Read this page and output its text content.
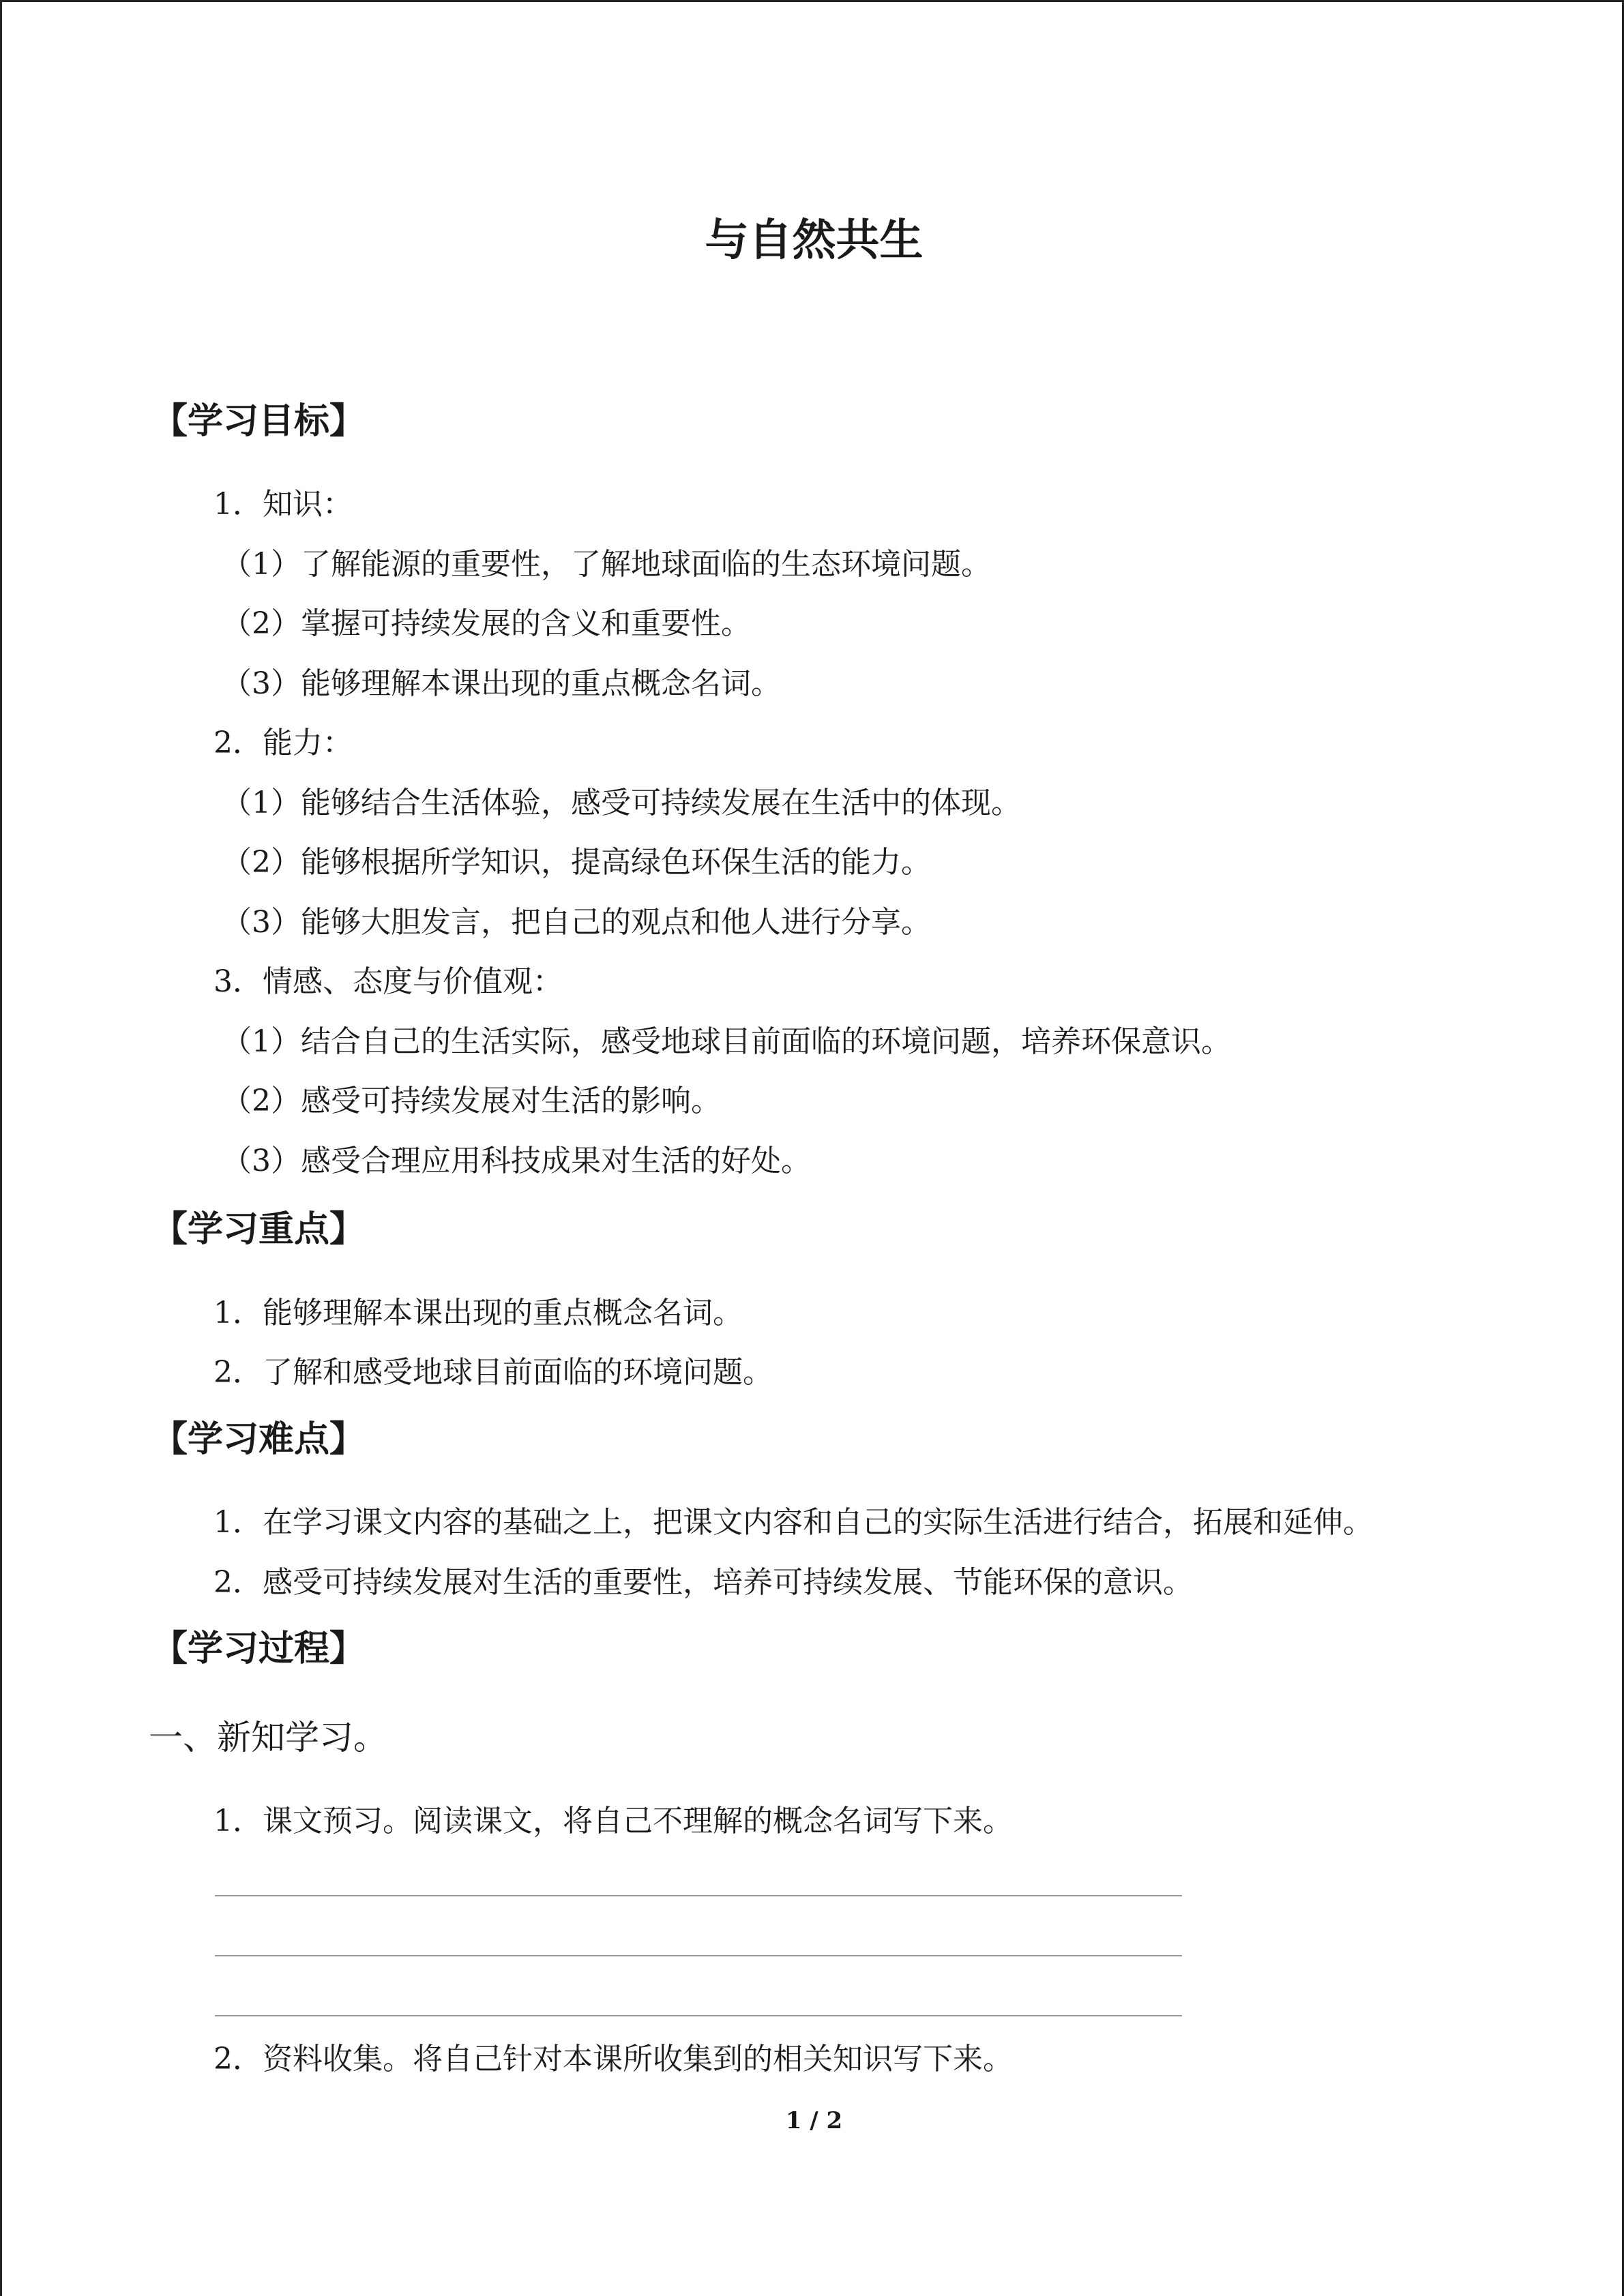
与自然共生
【学习目标】
1．知识：
（1）了解能源的重要性，了解地球面临的生态环境问题。
（2）掌握可持续发展的含义和重要性。
（3）能够理解本课出现的重点概念名词。
2．能力：
（1）能够结合生活体验，感受可持续发展在生活中的体现。
（2）能够根据所学知识，提高绿色环保生活的能力。
（3）能够大胆发言，把自己的观点和他人进行分享。
3．情感、态度与价值观：
（1）结合自己的生活实际，感受地球目前面临的环境问题，培养环保意识。
（2）感受可持续发展对生活的影响。
（3）感受合理应用科技成果对生活的好处。
【学习重点】
1．能够理解本课出现的重点概念名词。
2．了解和感受地球目前面临的环境问题。
【学习难点】
1．在学习课文内容的基础之上，把课文内容和自己的实际生活进行结合，拓展和延伸。
2．感受可持续发展对生活的重要性，培养可持续发展、节能环保的意识。
【学习过程】
一、新知学习。
1．课文预习。阅读课文，将自己不理解的概念名词写下来。
2．资料收集。将自己针对本课所收集到的相关知识写下来。
1 / 2
